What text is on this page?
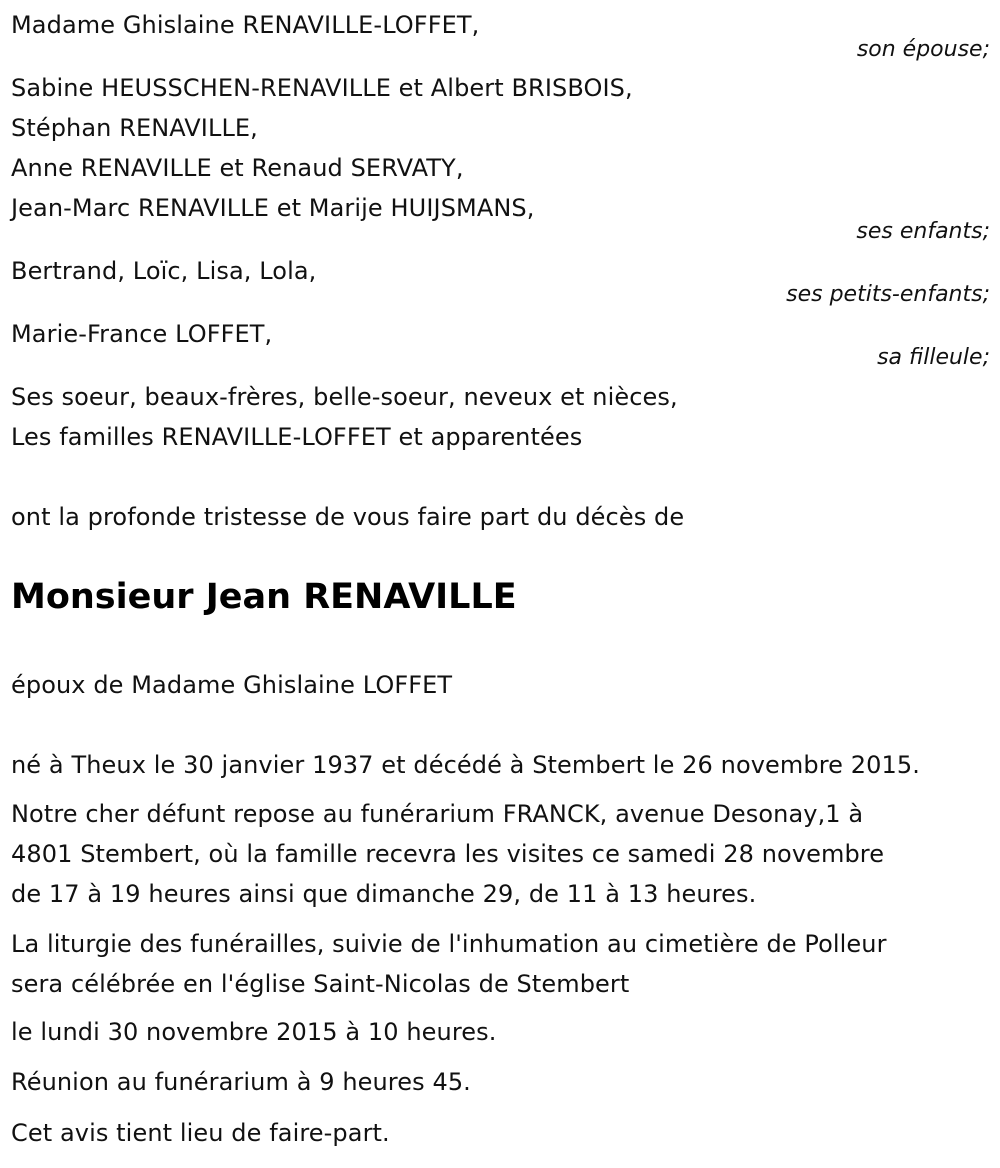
Madame Ghislaine RENAVILLE-LOFFET,
son épouse;
Sabine HEUSSCHEN-RENAVILLE et Albert BRISBOIS,
Stéphan RENAVILLE,
Anne RENAVILLE et Renaud SERVATY,
Jean-Marc RENAVILLE et Marije HUIJSMANS,
ses enfants;
Bertrand, Loïc, Lisa, Lola,
ses petits-enfants;
Marie-France LOFFET,
sa filleule;
Ses soeur, beaux-frères, belle-soeur, neveux et nièces,
Les familles RENAVILLE-LOFFET et apparentées
ont la profonde tristesse de vous faire part du décès de
Monsieur Jean RENAVILLE
époux de Madame Ghislaine LOFFET
né à Theux le 30 janvier 1937 et décédé à Stembert le 26 novembre 2015.
Notre cher défunt repose au funérarium FRANCK, avenue Desonay,1 à
4801 Stembert, où la famille recevra les visites ce samedi 28 novembre
de 17 à 19 heures ainsi que dimanche 29, de 11 à 13 heures.
La liturgie des funérailles, suivie de l'inhumation au cimetière de Polleur
sera célébrée en l'église Saint-Nicolas de Stembert
le lundi 30 novembre 2015 à 10 heures.
Réunion au funérarium à 9 heures 45.
Cet avis tient lieu de faire-part.
